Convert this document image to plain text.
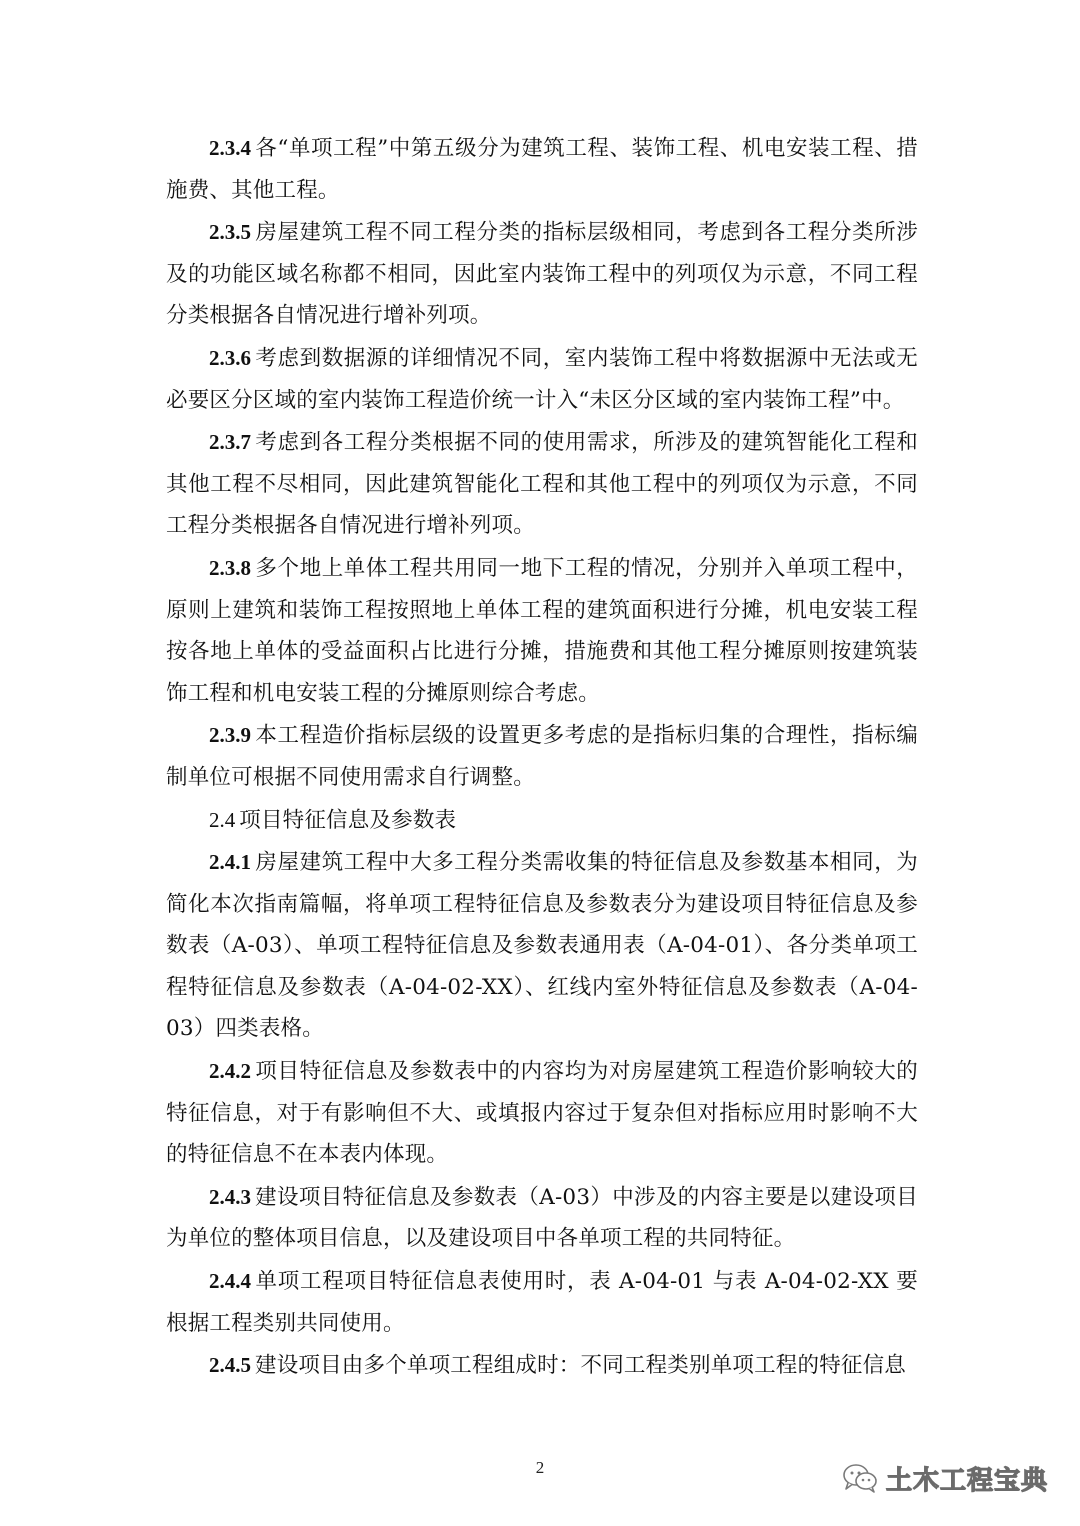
2.3.4 各“单项工程”中第五级分为建筑工程、装饰工程、机电安装工程、措施费、其他工程。

2.3.5 房屋建筑工程不同工程分类的指标层级相同，考虑到各工程分类所涉及的功能区域名称都不相同，因此室内装饰工程中的列项仅为示意，不同工程分类根据各自情况进行增补列项。

2.3.6 考虑到数据源的详细情况不同，室内装饰工程中将数据源中无法或无必要区分区域的室内装饰工程造价统一计入“未区分区域的室内装饰工程”中。

2.3.7 考虑到各工程分类根据不同的使用需求，所涉及的建筑智能化工程和其他工程不尽相同，因此建筑智能化工程和其他工程中的列项仅为示意，不同工程分类根据各自情况进行增补列项。

2.3.8 多个地上单体工程共用同一地下工程的情况，分别并入单项工程中，原则上建筑和装饰工程按照地上单体工程的建筑面积进行分摊，机电安装工程按各地上单体的受益面积占比进行分摊，措施费和其他工程分摊原则按建筑装饰工程和机电安装工程的分摊原则综合考虑。

2.3.9 本工程造价指标层级的设置更多考虑的是指标归集的合理性，指标编制单位可根据不同使用需求自行调整。

2.4 项目特征信息及参数表

2.4.1 房屋建筑工程中大多工程分类需收集的特征信息及参数基本相同，为简化本次指南篇幅，将单项工程特征信息及参数表分为建设项目特征信息及参数表（A-03）、单项工程特征信息及参数表通用表（A-04-01）、各分类单项工程特征信息及参数表（A-04-02-XX）、红线内室外特征信息及参数表（A-04-03）四类表格。

2.4.2 项目特征信息及参数表中的内容均为对房屋建筑工程造价影响较大的特征信息，对于有影响但不大、或填报内容过于复杂但对指标应用时影响不大的特征信息不在本表内体现。

2.4.3 建设项目特征信息及参数表（A-03）中涉及的内容主要是以建设项目为单位的整体项目信息，以及建设项目中各单项工程的共同特征。

2.4.4 单项工程项目特征信息表使用时，表 A-04-01 与表 A-04-02-XX 要根据工程类别共同使用。

2.4.5 建设项目由多个单项工程组成时：不同工程类别单项工程的特征信息

2	土木工程宝典
